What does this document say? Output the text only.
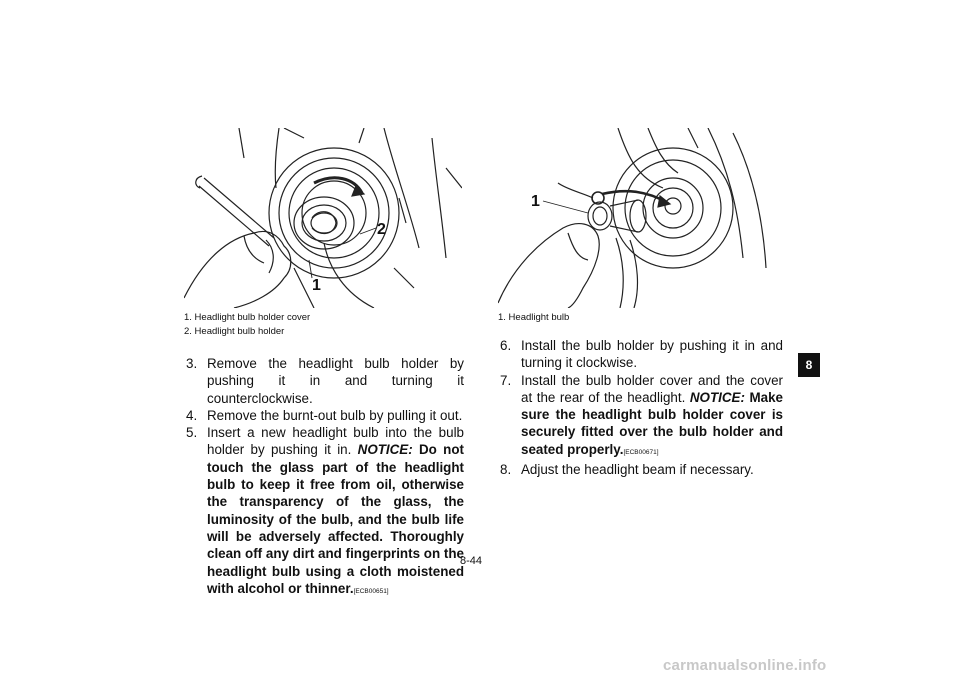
2
1
1. Headlight bulb holder cover
2. Headlight bulb holder
1
1. Headlight bulb
3. Remove the headlight bulb holder by pushing it in and turning it counterclockwise.
4. Remove the burnt-out bulb by pulling it out.
5. Insert a new headlight bulb into the bulb holder by pushing it in. NOTICE: Do not touch the glass part of the headlight bulb to keep it free from oil, otherwise the transparency of the glass, the luminosity of the bulb, and the bulb life will be adversely affected. Thoroughly clean off any dirt and fingerprints on the headlight bulb using a cloth moistened with alcohol or thinner.[ECB00651]
6. Install the bulb holder by pushing it in and turning it clockwise.
7. Install the bulb holder cover and the cover at the rear of the headlight. NOTICE: Make sure the headlight bulb holder cover is securely fitted over the bulb holder and seated properly.[ECB00671]
8. Adjust the headlight beam if necessary.
8-44
8
carmanualsonline.info
